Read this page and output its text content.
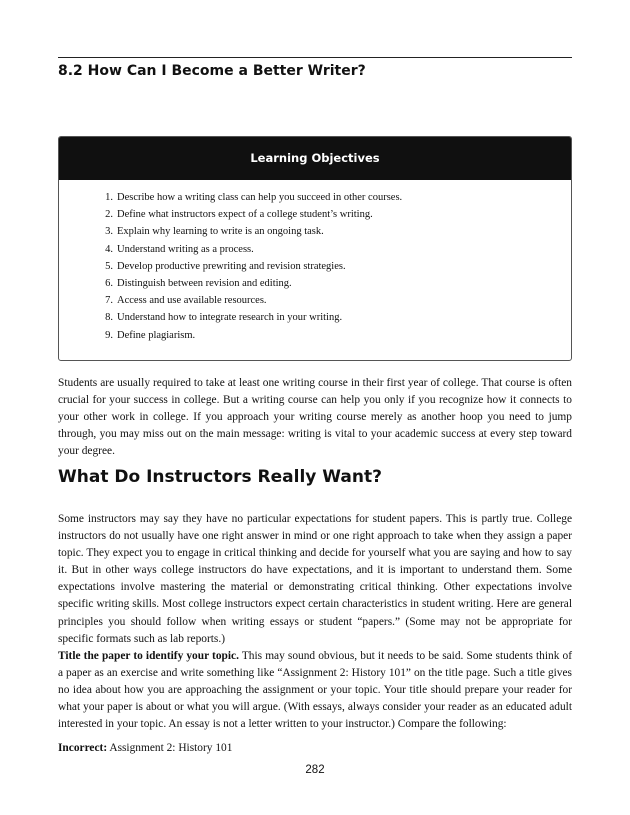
8.2 How Can I Become a Better Writer?
Learning Objectives
1. Describe how a writing class can help you succeed in other courses.
2. Define what instructors expect of a college student’s writing.
3. Explain why learning to write is an ongoing task.
4. Understand writing as a process.
5. Develop productive prewriting and revision strategies.
6. Distinguish between revision and editing.
7. Access and use available resources.
8. Understand how to integrate research in your writing.
9. Define plagiarism.

Students are usually required to take at least one writing course in their first year of college. That course is often crucial for your success in college. But a writing course can help you only if you recognize how it connects to your other work in college. If you approach your writing course merely as another hoop you need to jump through, you may miss out on the main message: writing is vital to your academic success at every step toward your degree.

What Do Instructors Really Want?

Some instructors may say they have no particular expectations for student papers. This is partly true. College instructors do not usually have one right answer in mind or one right approach to take when they assign a paper topic. They expect you to engage in critical thinking and decide for yourself what you are saying and how to say it. But in other ways college instructors do have expectations, and it is important to understand them. Some expectations involve mastering the material or demonstrating critical thinking. Other expectations involve specific writing skills. Most college instructors expect certain characteristics in student writing. Here are general principles you should follow when writing essays or student “papers.” (Some may not be appropriate for specific formats such as lab reports.)

Title the paper to identify your topic. This may sound obvious, but it needs to be said. Some students think of a paper as an exercise and write something like “Assignment 2: History 101” on the title page. Such a title gives no idea about how you are approaching the assignment or your topic. Your title should prepare your reader for what your paper is about or what you will argue. (With essays, always consider your reader as an educated adult interested in your topic. An essay is not a letter written to your instructor.) Compare the following:

Incorrect: Assignment 2: History 101

282
